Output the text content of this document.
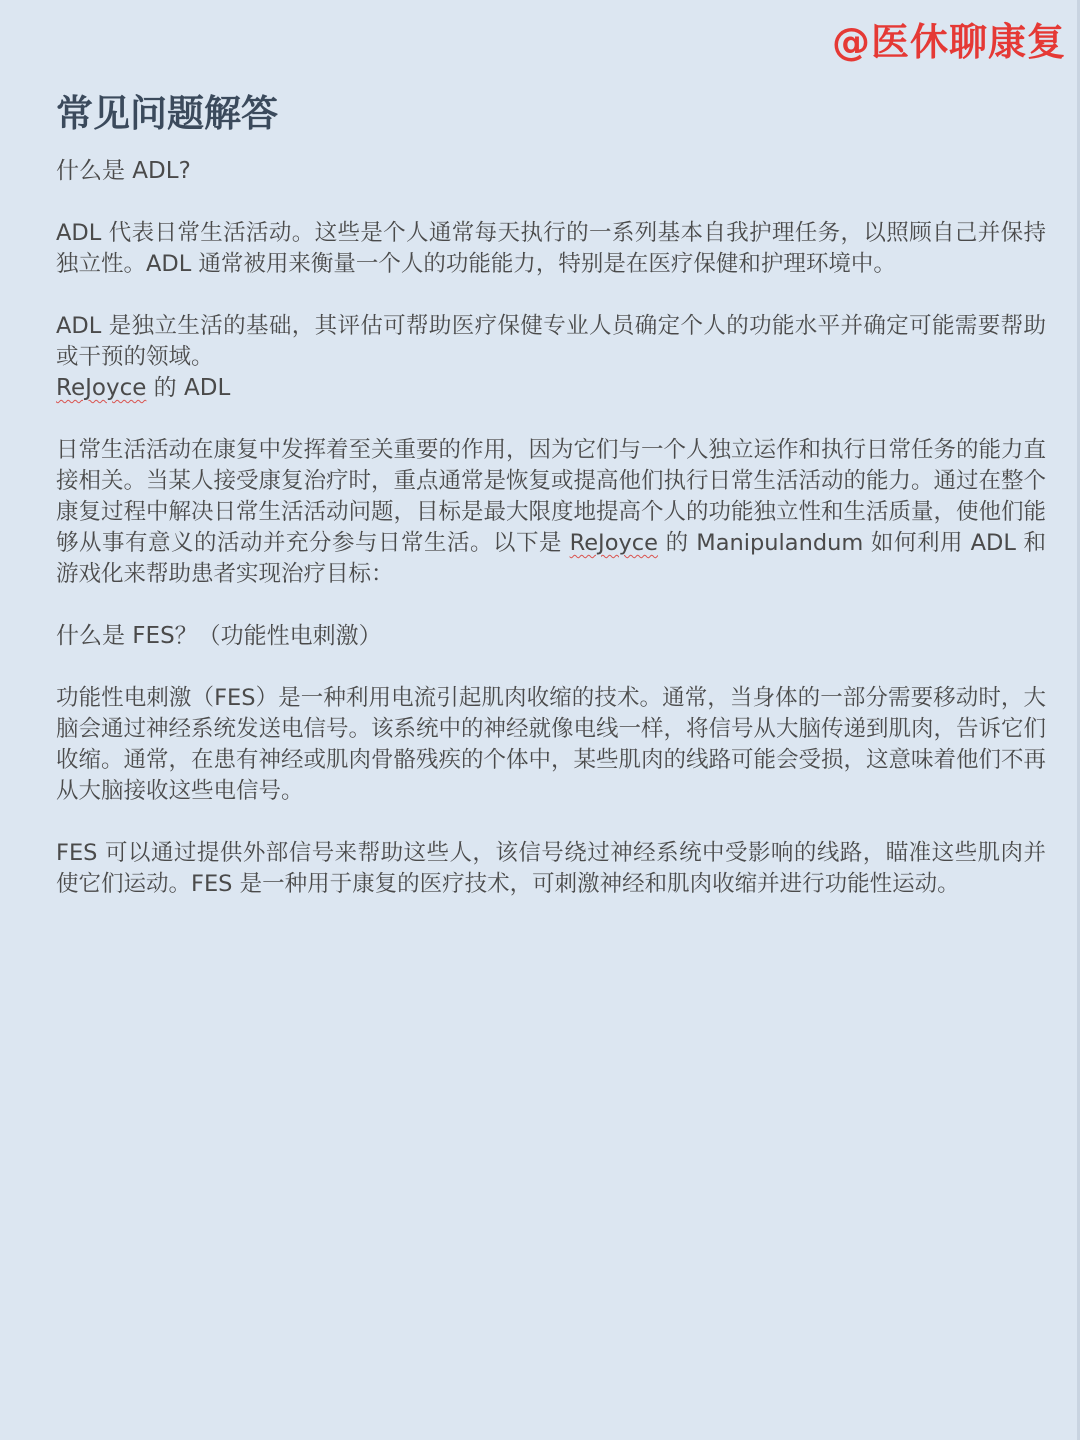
@医休聊康复
常见问题解答
什么是 ADL?

ADL 代表日常生活活动。这些是个人通常每天执行的一系列基本自我护理任务，以照顾自己并保持独立性。ADL 通常被用来衡量一个人的功能能力，特别是在医疗保健和护理环境中。

ADL 是独立生活的基础，其评估可帮助医疗保健专业人员确定个人的功能水平并确定可能需要帮助或干预的领域。

ReJoyce 的 ADL

日常生活活动在康复中发挥着至关重要的作用，因为它们与一个人独立运作和执行日常任务的能力直接相关。当某人接受康复治疗时，重点通常是恢复或提高他们执行日常生活活动的能力。通过在整个康复过程中解决日常生活活动问题，目标是最大限度地提高个人的功能独立性和生活质量，使他们能够从事有意义的活动并充分参与日常生活。以下是 ReJoyce 的 Manipulandum 如何利用 ADL 和游戏化来帮助患者实现治疗目标：

什么是 FES？（功能性电刺激）

功能性电刺激（FES）是一种利用电流引起肌肉收缩的技术。通常，当身体的一部分需要移动时，大脑会通过神经系统发送电信号。该系统中的神经就像电线一样，将信号从大脑传递到肌肉，告诉它们收缩。通常，在患有神经或肌肉骨骼残疾的个体中，某些肌肉的线路可能会受损，这意味着他们不再从大脑接收这些电信号。

FES 可以通过提供外部信号来帮助这些人，该信号绕过神经系统中受影响的线路，瞄准这些肌肉并使它们运动。FES 是一种用于康复的医疗技术，可刺激神经和肌肉收缩并进行功能性运动。
